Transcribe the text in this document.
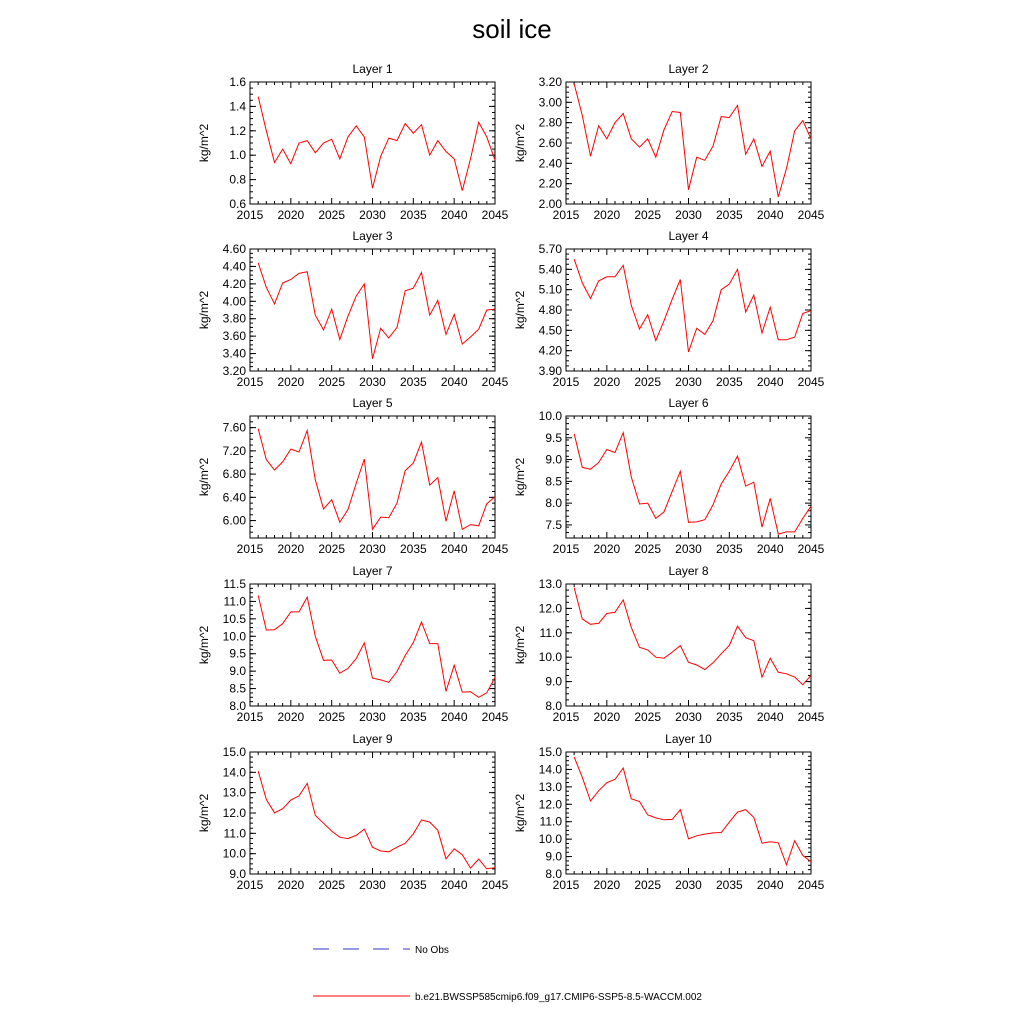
soil ice
2015 2020 2025 2030 2035 2040 2045
0.6
0.8
1.0
1.2
1.4
1.6
Layer 1
kg/m^2
2015 2020 2025 2030 2035 2040 2045
2.00
2.20
2.40
2.60
2.80
3.00
3.20
Layer 2
kg/m^2
2015 2020 2025 2030 2035 2040 2045
3.20
3.40
3.60
3.80
4.00
4.20
4.40
4.60
Layer 3
kg/m^2
2015 2020 2025 2030 2035 2040 2045
3.90
4.20
4.50
4.80
5.10
5.40
5.70
Layer 4
kg/m^2
2015 2020 2025 2030 2035 2040 2045
6.00
6.40
6.80
7.20
7.60
Layer 5
kg/m^2
2015 2020 2025 2030 2035 2040 2045
7.5
8.0
8.5
9.0
9.5
10.0
Layer 6
kg/m^2
2015 2020 2025 2030 2035 2040 2045
8.0
8.5
9.0
9.5
10.0
10.5
11.0
11.5
Layer 7
kg/m^2
2015 2020 2025 2030 2035 2040 2045
8.0
9.0
10.0
11.0
12.0
13.0
Layer 8
kg/m^2
2015 2020 2025 2030 2035 2040 2045
9.0
10.0
11.0
12.0
13.0
14.0
15.0
Layer 9
kg/m^2
2015 2020 2025 2030 2035 2040 2045
8.0
9.0
10.0
11.0
12.0
13.0
14.0
15.0
Layer 10
kg/m^2
No Obs
b.e21.BWSSP585cmip6.f09_g17.CMIP6-SSP5-8.5-WACCM.002
